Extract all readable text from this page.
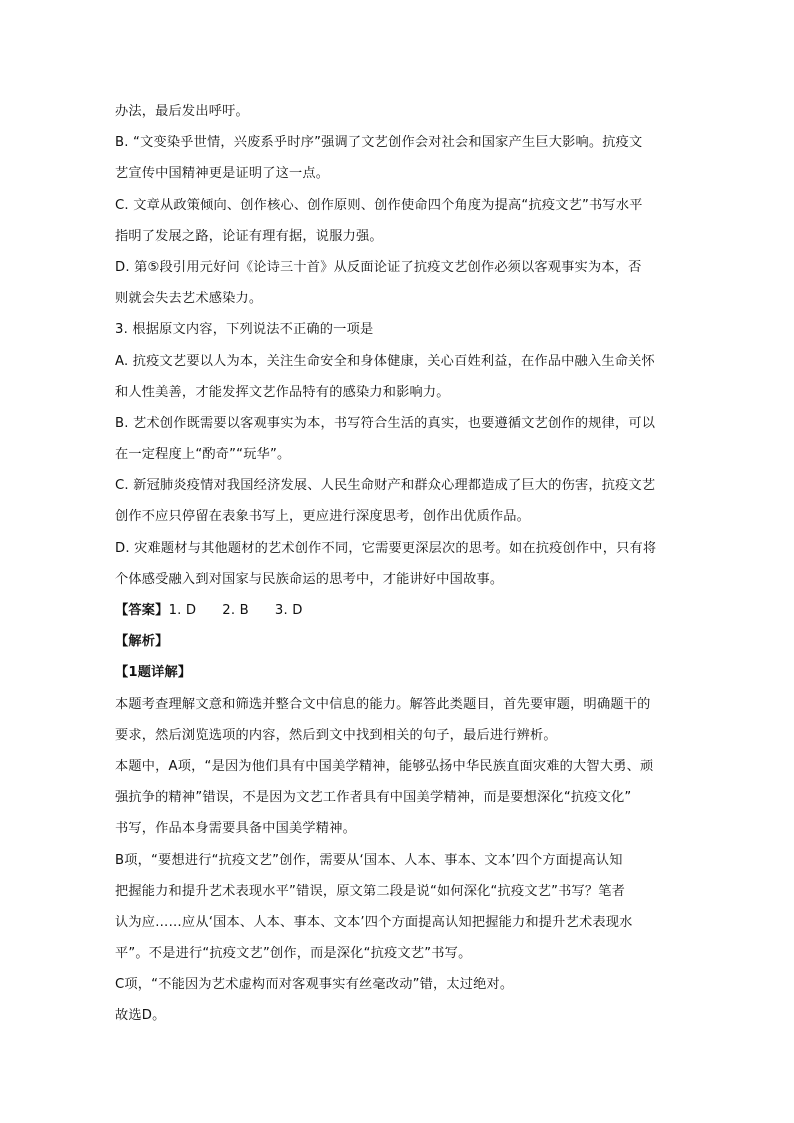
办法，最后发出呼吁。
B. “文变染乎世情，兴废系乎时序”强调了文艺创作会对社会和国家产生巨大影响。抗疫文
艺宣传中国精神更是证明了这一点。
C. 文章从政策倾向、创作核心、创作原则、创作使命四个角度为提高“抗疫文艺”书写水平
指明了发展之路，论证有理有据，说服力强。
D. 第⑤段引用元好问《论诗三十首》从反面论证了抗疫文艺创作必须以客观事实为本，否
则就会失去艺术感染力。
3. 根据原文内容，下列说法不正确的一项是
A. 抗疫文艺要以人为本，关注生命安全和身体健康，关心百姓利益，在作品中融入生命关怀
和人性美善，才能发挥文艺作品特有的感染力和影响力。
B. 艺术创作既需要以客观事实为本，书写符合生活的真实，也要遵循文艺创作的规律，可以
在一定程度上“酌奇”“玩华”。
C. 新冠肺炎疫情对我国经济发展、人民生命财产和群众心理都造成了巨大的伤害，抗疫文艺
创作不应只停留在表象书写上，更应进行深度思考，创作出优质作品。
D. 灾难题材与其他题材的艺术创作不同，它需要更深层次的思考。如在抗疫创作中，只有将
个体感受融入到对国家与民族命运的思考中，才能讲好中国故事。
【答案】1. D 2. B 3. D
【解析】
【1题详解】
本题考查理解文意和筛选并整合文中信息的能力。解答此类题目，首先要审题，明确题干的
要求，然后浏览选项的内容，然后到文中找到相关的句子，最后进行辨析。
本题中，A项，“是因为他们具有中国美学精神，能够弘扬中华民族直面灾难的大智大勇、顽
强抗争的精神”错误，不是因为文艺工作者具有中国美学精神，而是要想深化“抗疫文化”
书写，作品本身需要具备中国美学精神。
B项，“要想进行“抗疫文艺”创作，需要从‘国本、人本、事本、文本’四个方面提高认知
把握能力和提升艺术表现水平”错误，原文第二段是说“如何深化“抗疫文艺”书写？笔者
认为应……应从‘国本、人本、事本、文本’四个方面提高认知把握能力和提升艺术表现水
平”。不是进行“抗疫文艺”创作，而是深化“抗疫文艺”书写。
C项，“不能因为艺术虚构而对客观事实有丝毫改动”错，太过绝对。
故选D。
